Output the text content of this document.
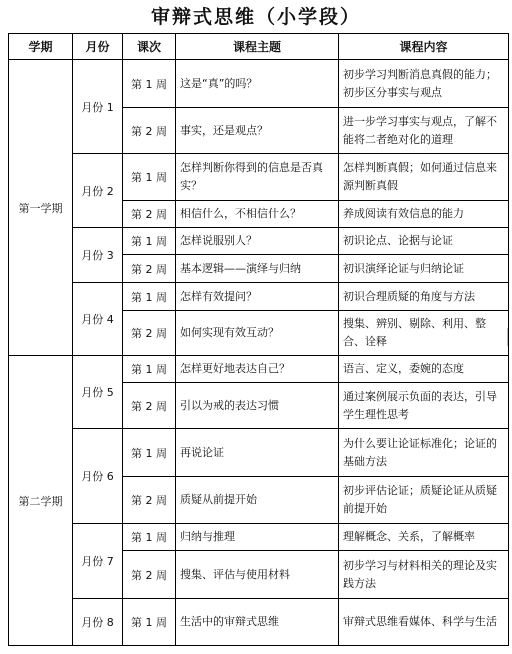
审辩式思维（小学段）
学期	月份	课次	课程主题	课程内容
第一学期	月份 1	第 1 周	这是“真”的吗？	初步学习判断消息真假的能力；初步区分事实与观点
		第 2 周	事实，还是观点？	进一步学习事实与观点，了解不能将二者绝对化的道理
	月份 2	第 1 周	怎样判断你得到的信息是否真实？	怎样判断真假；如何通过信息来源判断真假
		第 2 周	相信什么，不相信什么？	养成阅读有效信息的能力
	月份 3	第 1 周	怎样说服别人？	初识论点、论据与论证
		第 2 周	基本逻辑——演绎与归纳	初识演绎论证与归纳论证
	月份 4	第 1 周	怎样有效提问？	初识合理质疑的角度与方法
		第 2 周	如何实现有效互动？	搜集、辨别、剔除、利用、整合、诠释
第二学期	月份 5	第 1 周	怎样更好地表达自己？	语言、定义，委婉的态度
		第 2 周	引以为戒的表达习惯	通过案例展示负面的表达，引导学生理性思考
	月份 6	第 1 周	再说论证	为什么要让论证标准化；论证的基础方法
		第 2 周	质疑从前提开始	初步评估论证；质疑论证从质疑前提开始
	月份 7	第 1 周	归纳与推理	理解概念、关系，了解概率
		第 2 周	搜集、评估与使用材料	初步学习与材料相关的理论及实践方法
	月份 8	第 1 周	生活中的审辩式思维	审辩式思维看媒体、科学与生活
